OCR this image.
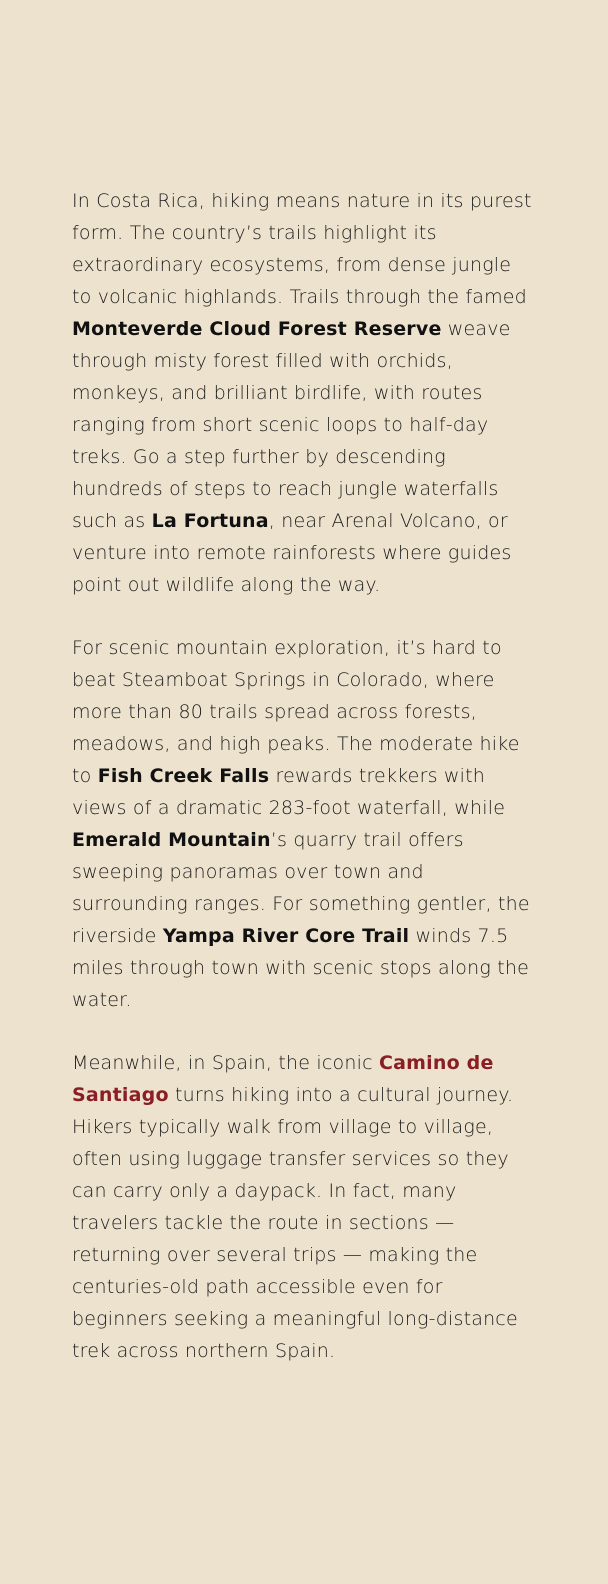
In Costa Rica, hiking means nature in its purest form. The country’s trails highlight its extraordinary ecosystems, from dense jungle to volcanic highlands. Trails through the famed Monteverde Cloud Forest Reserve weave through misty forest filled with orchids, monkeys, and brilliant birdlife, with routes ranging from short scenic loops to half-day treks. Go a step further by descending hundreds of steps to reach jungle waterfalls such as La Fortuna, near Arenal Volcano, or venture into remote rainforests where guides point out wildlife along the way.

For scenic mountain exploration, it’s hard to beat Steamboat Springs in Colorado, where more than 80 trails spread across forests, meadows, and high peaks. The moderate hike to Fish Creek Falls rewards trekkers with views of a dramatic 283-foot waterfall, while Emerald Mountain’s quarry trail offers sweeping panoramas over town and surrounding ranges. For something gentler, the riverside Yampa River Core Trail winds 7.5 miles through town with scenic stops along the water.

Meanwhile, in Spain, the iconic Camino de Santiago turns hiking into a cultural journey. Hikers typically walk from village to village, often using luggage transfer services so they can carry only a daypack. In fact, many travelers tackle the route in sections — returning over several trips — making the centuries-old path accessible even for beginners seeking a meaningful long-distance trek across northern Spain.
